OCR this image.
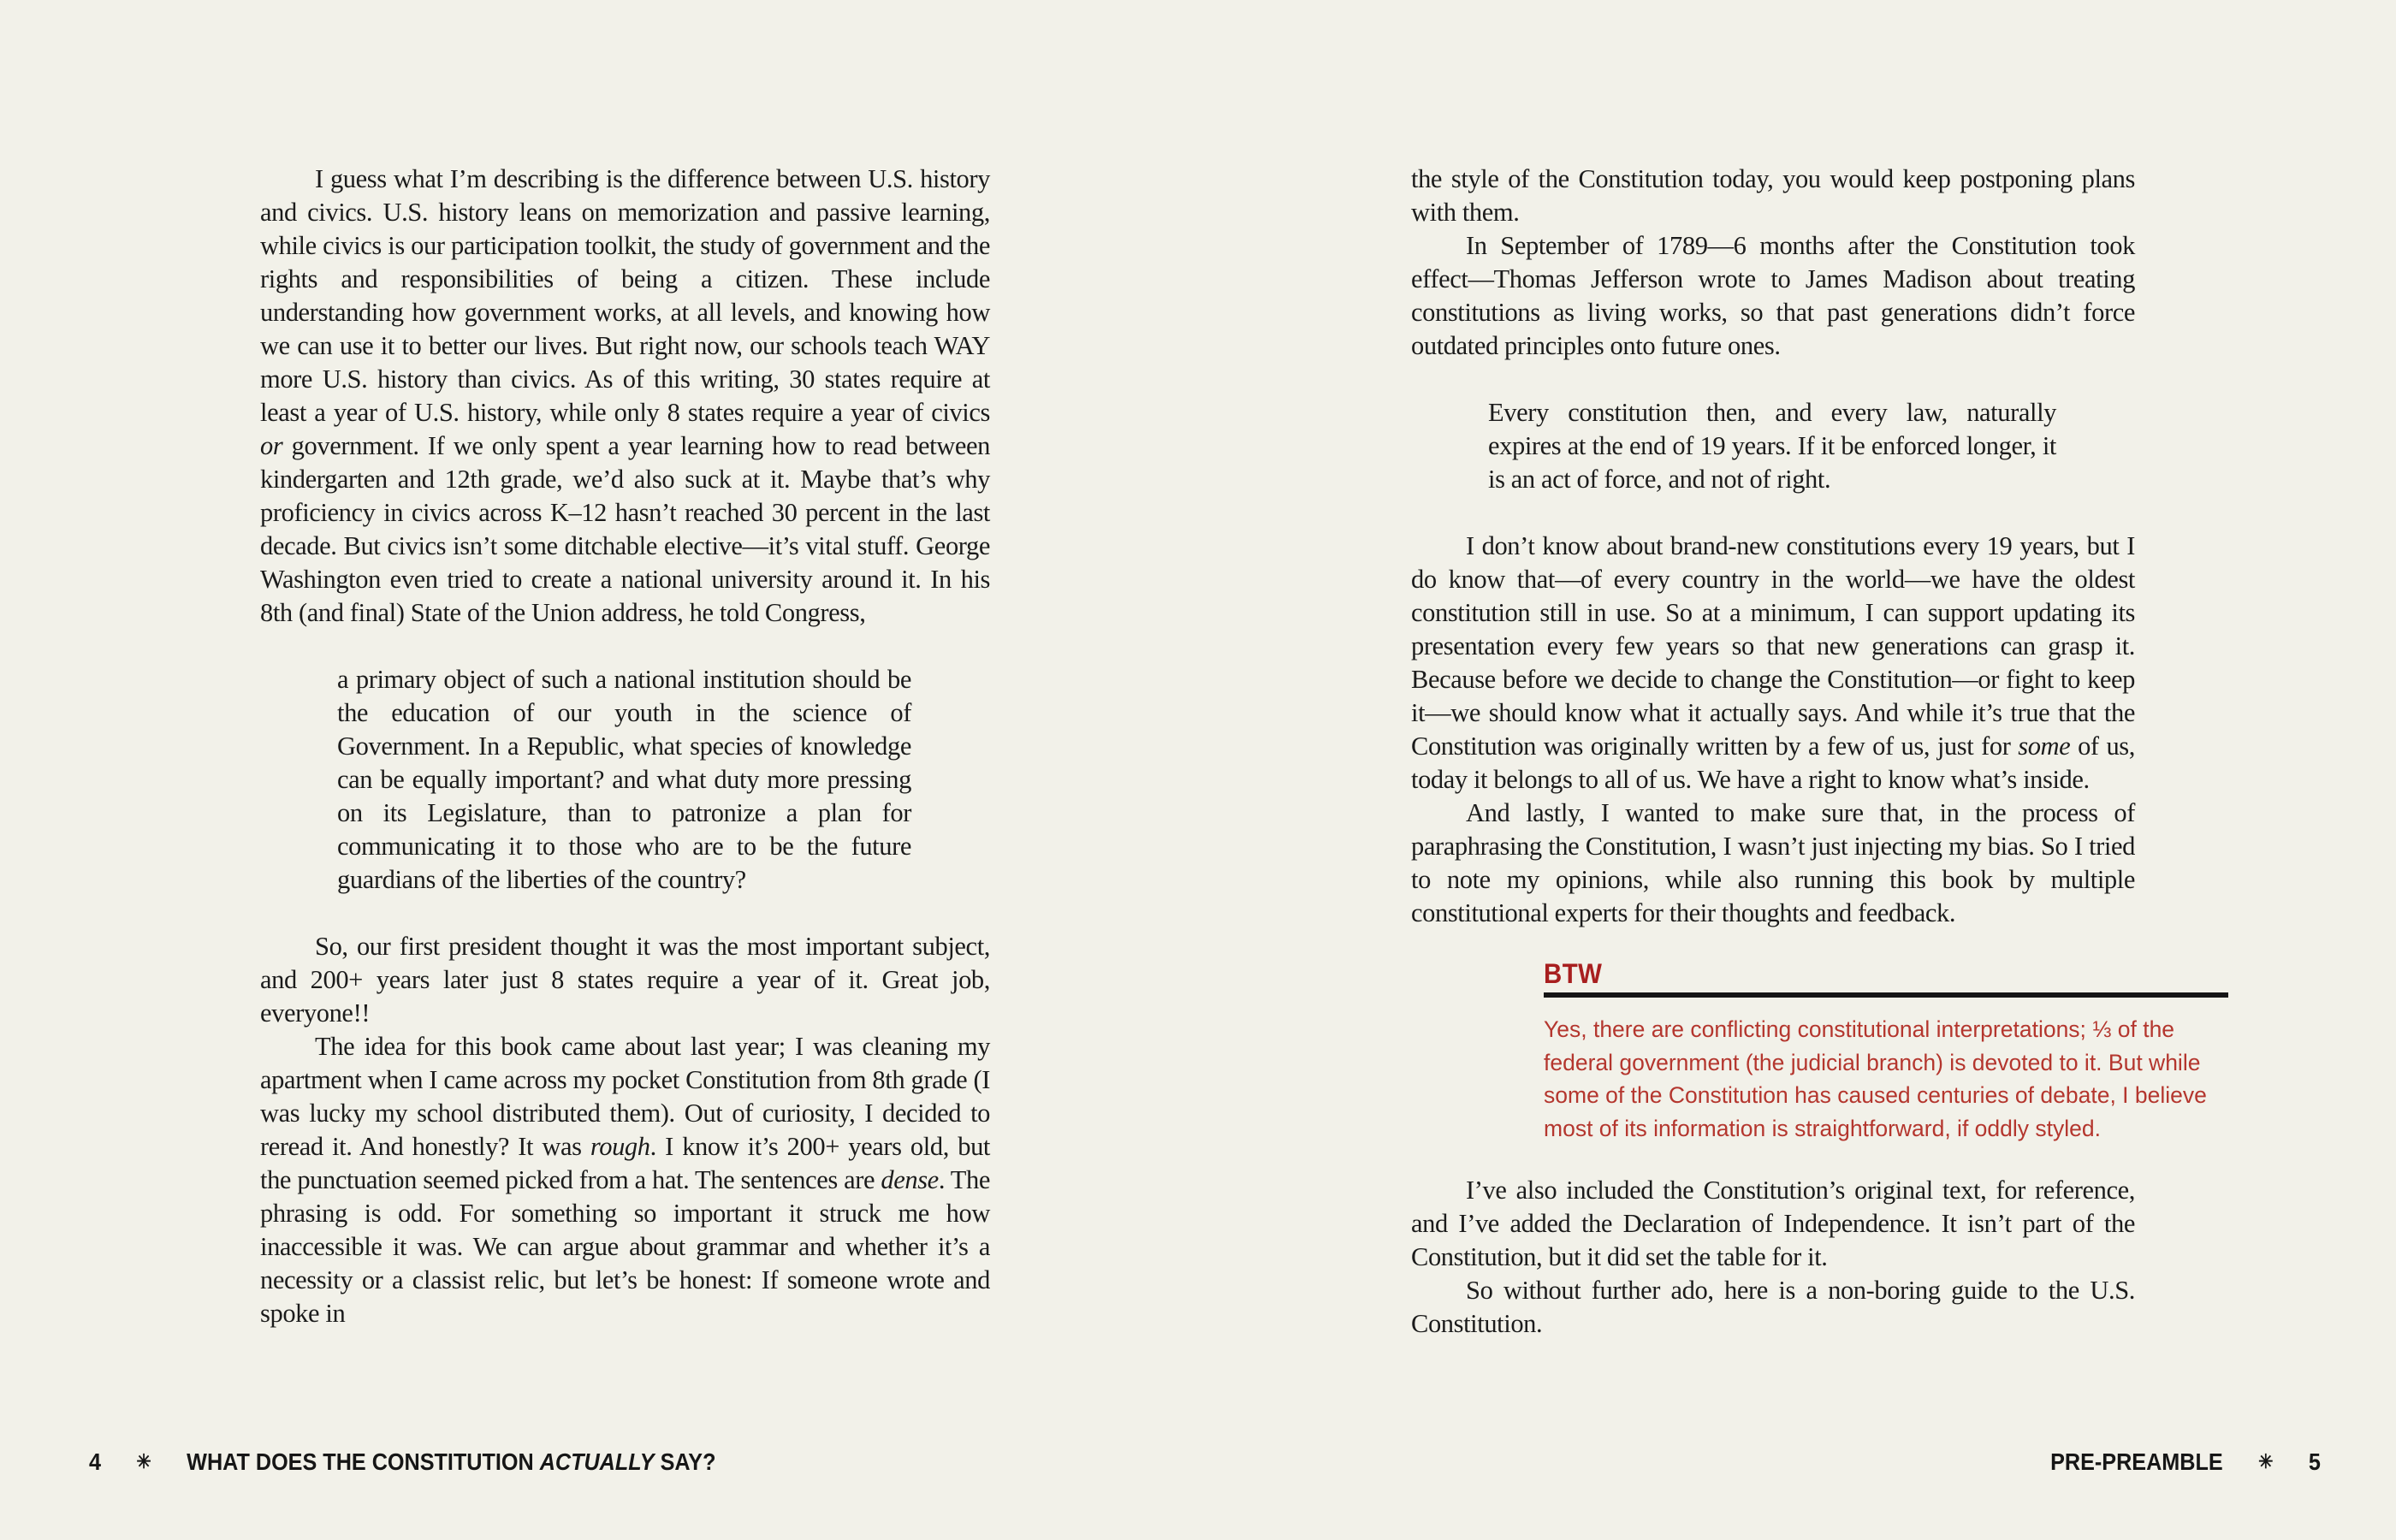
I guess what I’m describing is the difference between U.S. history and civics. U.S. history leans on memorization and passive learning, while civics is our participation toolkit, the study of government and the rights and responsibilities of being a citizen. These include understanding how government works, at all levels, and knowing how we can use it to better our lives. But right now, our schools teach WAY more U.S. history than civics. As of this writing, 30 states require at least a year of U.S. history, while only 8 states require a year of civics or government. If we only spent a year learning how to read between kindergarten and 12th grade, we’d also suck at it. Maybe that’s why proficiency in civics across K–12 hasn’t reached 30 percent in the last decade. But civics isn’t some ditchable elective—it’s vital stuff. George Washington even tried to create a national university around it. In his 8th (and final) State of the Union address, he told Congress,

a primary object of such a national institution should be the education of our youth in the science of Government. In a Republic, what species of knowledge can be equally important? and what duty more pressing on its Legislature, than to patronize a plan for communicating it to those who are to be the future guardians of the liberties of the country?

So, our first president thought it was the most important subject, and 200+ years later just 8 states require a year of it. Great job, everyone!!

The idea for this book came about last year; I was cleaning my apartment when I came across my pocket Constitution from 8th grade (I was lucky my school distributed them). Out of curiosity, I decided to reread it. And honestly? It was rough. I know it’s 200+ years old, but the punctuation seemed picked from a hat. The sentences are dense. The phrasing is odd. For something so important it struck me how inaccessible it was. We can argue about grammar and whether it’s a necessity or a classist relic, but let’s be honest: If someone wrote and spoke in

4 ✳ WHAT DOES THE CONSTITUTION ACTUALLY SAY?

the style of the Constitution today, you would keep postponing plans with them.

In September of 1789—6 months after the Constitution took effect—Thomas Jefferson wrote to James Madison about treating constitutions as living works, so that past generations didn’t force outdated principles onto future ones.

Every constitution then, and every law, naturally expires at the end of 19 years. If it be enforced longer, it is an act of force, and not of right.

I don’t know about brand-new constitutions every 19 years, but I do know that—of every country in the world—we have the oldest constitution still in use. So at a minimum, I can support updating its presentation every few years so that new generations can grasp it. Because before we decide to change the Constitution—or fight to keep it—we should know what it actually says. And while it’s true that the Constitution was originally written by a few of us, just for some of us, today it belongs to all of us. We have a right to know what’s inside.

And lastly, I wanted to make sure that, in the process of paraphrasing the Constitution, I wasn’t just injecting my bias. So I tried to note my opinions, while also running this book by multiple constitutional experts for their thoughts and feedback.

BTW
Yes, there are conflicting constitutional interpretations; ⅓ of the federal government (the judicial branch) is devoted to it. But while some of the Constitution has caused centuries of debate, I believe most of its information is straightforward, if oddly styled.

I’ve also included the Constitution’s original text, for reference, and I’ve added the Declaration of Independence. It isn’t part of the Constitution, but it did set the table for it.

So without further ado, here is a non-boring guide to the U.S. Constitution.

PRE-PREAMBLE ✳ 5
